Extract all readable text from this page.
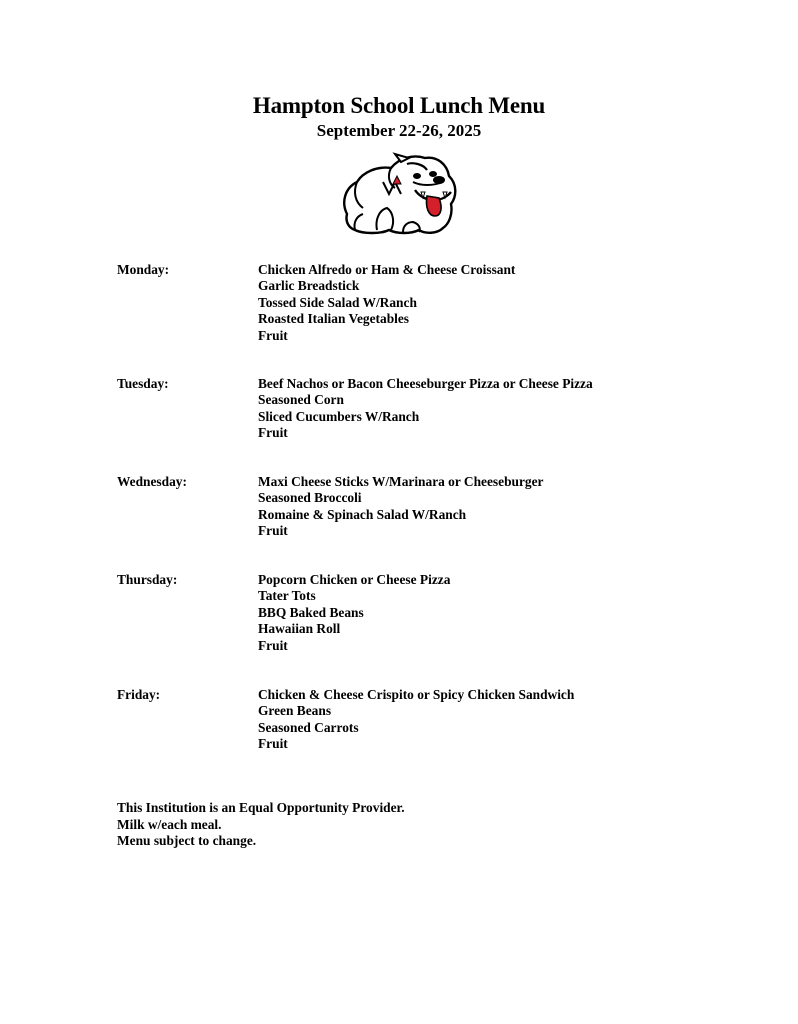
Hampton School Lunch Menu
September 22-26, 2025
Monday:	Chicken Alfredo or Ham & Cheese Croissant
Garlic Breadstick
Tossed Side Salad W/Ranch
Roasted Italian Vegetables
Fruit
Tuesday:	Beef Nachos or Bacon Cheeseburger Pizza or Cheese Pizza
Seasoned Corn
Sliced Cucumbers W/Ranch
Fruit
Wednesday:	Maxi Cheese Sticks W/Marinara or Cheeseburger
Seasoned Broccoli
Romaine & Spinach Salad W/Ranch
Fruit
Thursday:	Popcorn Chicken or Cheese Pizza
Tater Tots
BBQ Baked Beans
Hawaiian Roll
Fruit
Friday:	Chicken & Cheese Crispito or Spicy Chicken Sandwich
Green Beans
Seasoned Carrots
Fruit
This Institution is an Equal Opportunity Provider.
Milk w/each meal.
Menu subject to change.
